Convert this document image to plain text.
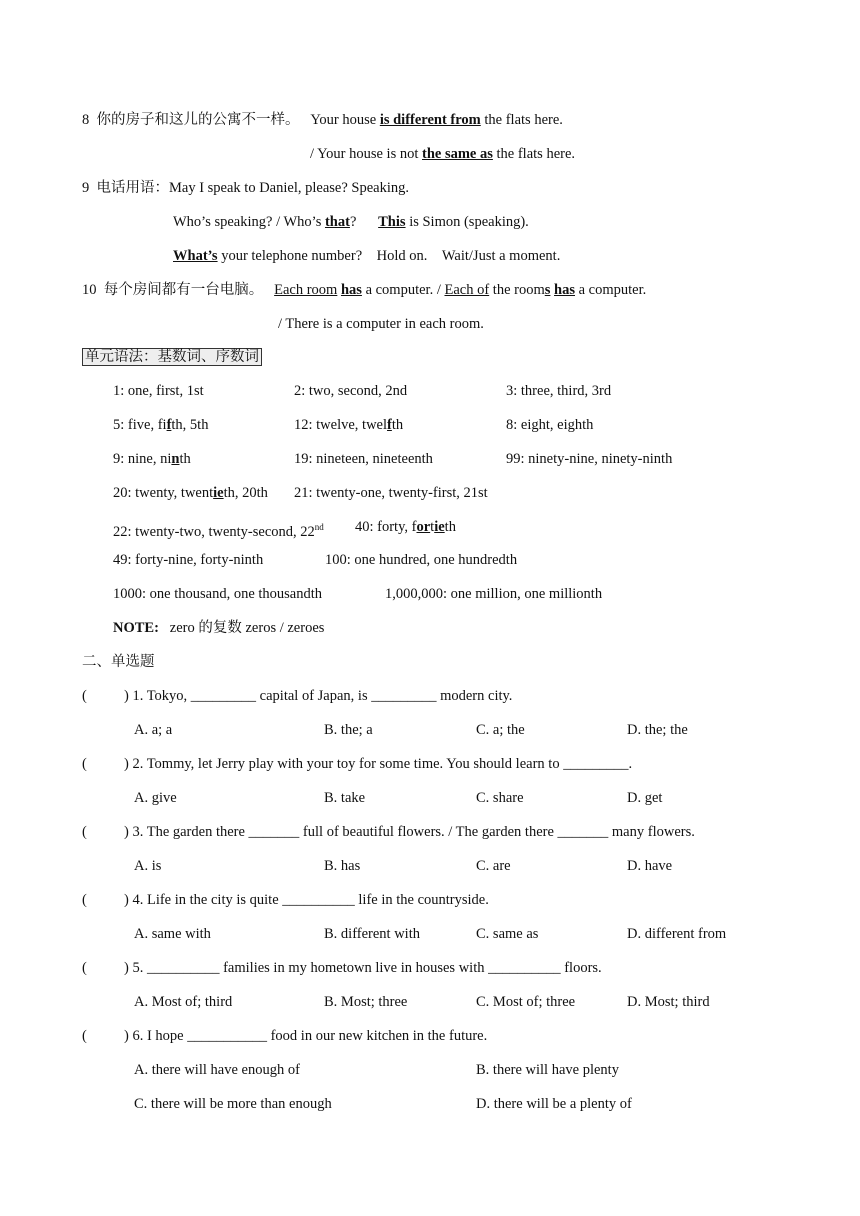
8 你的房子和这儿的公寓不一样。 Your house is different from the flats here.
/ Your house is not the same as the flats here.
9 电话用语：May I speak to Daniel, please? Speaking.
Who’s speaking? / Who’s that? This is Simon (speaking).
What’s your telephone number? Hold on. Wait/Just a moment.
10 每个房间都有一台电脑。 Each room has a computer. / Each of the rooms has a computer.
/ There is a computer in each room.
单元语法：基数词、序数词
1: one, first, 1st	2: two, second, 2nd	3: three, third, 3rd
5: five, fifth, 5th	12: twelve, twelfth	8: eight, eighth
9: nine, ninth	19: nineteen, nineteenth	99: ninety-nine, ninety-ninth
20: twenty, twentieth, 20th 21: twenty-one, twenty-first, 21st
22: twenty-two, twenty-second, 22nd 40: forty, fortieth
49: forty-nine, forty-ninth	100: one hundred, one hundredth
1000: one thousand, one thousandth	1,000,000: one million, one millionth
NOTE: zero 的复数 zeros / zeroes
二、单选题
(	) 1. Tokyo, _________ capital of Japan, is _________ modern city.
A. a; a	B. the; a	C. a; the	D. the; the
(	) 2. Tommy, let Jerry play with your toy for some time. You should learn to _________.
A. give	B. take	C. share	D. get
(	) 3. The garden there _______ full of beautiful flowers. / The garden there _______ many flowers.
A. is	B. has	C. are	D. have
(	) 4. Life in the city is quite __________ life in the countryside.
A. same with	B. different with	C. same as	D. different from
(	) 5. __________ families in my hometown live in houses with __________ floors.
A. Most of; third	B. Most; three	C. Most of; three	D. Most; third
(	) 6. I hope ___________ food in our new kitchen in the future.
A. there will have enough of	B. there will have plenty
C. there will be more than enough	D. there will be a plenty of
